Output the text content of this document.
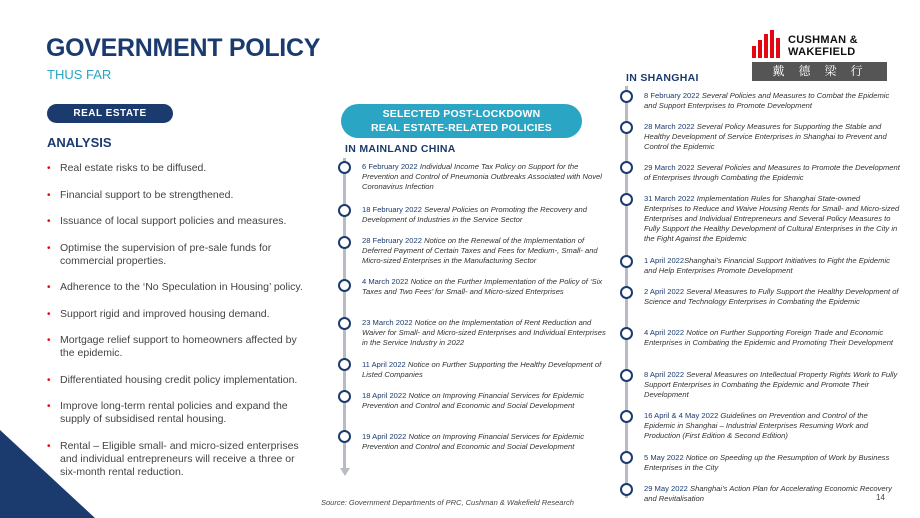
GOVERNMENT POLICY
THUS FAR
CUSHMAN &
WAKEFIELD
戴德梁行
REAL ESTATE
ANALYSIS
• Real estate risks to be diffused.
• Financial support to be strengthened.
• Issuance of local support policies and measures.
• Optimise the supervision of pre-sale funds for commercial properties.
• Adherence to the ‘No Speculation in Housing’ policy.
• Support rigid and improved housing demand.
• Mortgage relief support to homeowners affected by the epidemic.
• Differentiated housing credit policy implementation.
• Improve long-term rental policies and expand the supply of subsidised rental housing.
• Rental – Eligible small- and micro-sized enterprises and individual entrepreneurs will receive a three or six-month rental reduction.
SELECTED POST-LOCKDOWN
REAL ESTATE-RELATED POLICIES
IN MAINLAND CHINA
6 February 2022 Individual Income Tax Policy on Support for the Prevention and Control of Pneumonia Outbreaks Associated with Novel Coronavirus Infection
18 February 2022 Several Policies on Promoting the Recovery and Development of Industries in the Service Sector
28 February 2022 Notice on the Renewal of the Implementation of Deferred Payment of Certain Taxes and Fees for Medium-, Small- and Micro-sized Enterprises in the Manufacturing Sector
4 March 2022 Notice on the Further Implementation of the Policy of ‘Six Taxes and Two Fees’ for Small- and Micro-sized Enterprises
23 March 2022 Notice on the Implementation of Rent Reduction and Waiver for Small- and Micro-sized Enterprises and Individual Enterprises in the Service Industry in 2022
11 April 2022 Notice on Further Supporting the Healthy Development of Listed Companies
18 April 2022 Notice on Improving Financial Services for Epidemic Prevention and Control and Economic and Social Development
19 April 2022 Notice on Improving Financial Services for Epidemic Prevention and Control and Economic and Social Development
IN SHANGHAI
8 February 2022 Several Policies and Measures to Combat the Epidemic and Support Enterprises to Promote Development
28 March 2022 Several Policy Measures for Supporting the Stable and Healthy Development of Service Enterprises in Shanghai to Prevent and Control the Epidemic
29 March 2022 Several Policies and Measures to Promote the Development of Enterprises through Combating the Epidemic
31 March 2022 Implementation Rules for Shanghai State-owned Enterprises to Reduce and Waive Housing Rents for Small- and Micro-sized Enterprises and Individual Entrepreneurs and Several Policy Measures to Fully Support the Healthy Development of Cultural Enterprises in the City in the Fight Against the Epidemic
1 April 2022Shanghai’s Financial Support Initiatives to Fight the Epidemic and Help Enterprises Promote Development
2 April 2022 Several Measures to Fully Support the Healthy Development of Science and Technology Enterprises in Combating the Epidemic
4 April 2022 Notice on Further Supporting Foreign Trade and Economic Enterprises in Combating the Epidemic and Promoting Their Development
8 April 2022 Several Measures on Intellectual Property Rights Work to Fully Support Enterprises in Combating the Epidemic and Promote Their Development
16 April & 4 May 2022 Guidelines on Prevention and Control of the Epidemic in Shanghai – Industrial Enterprises Resuming Work and Production (First Edition & Second Edition)
5 May 2022 Notice on Speeding up the Resumption of Work by Business Enterprises in the City
29 May 2022 Shanghai’s Action Plan for Accelerating Economic Recovery and Revitalisation
Source: Government Departments of PRC, Cushman & Wakefield Research
14
